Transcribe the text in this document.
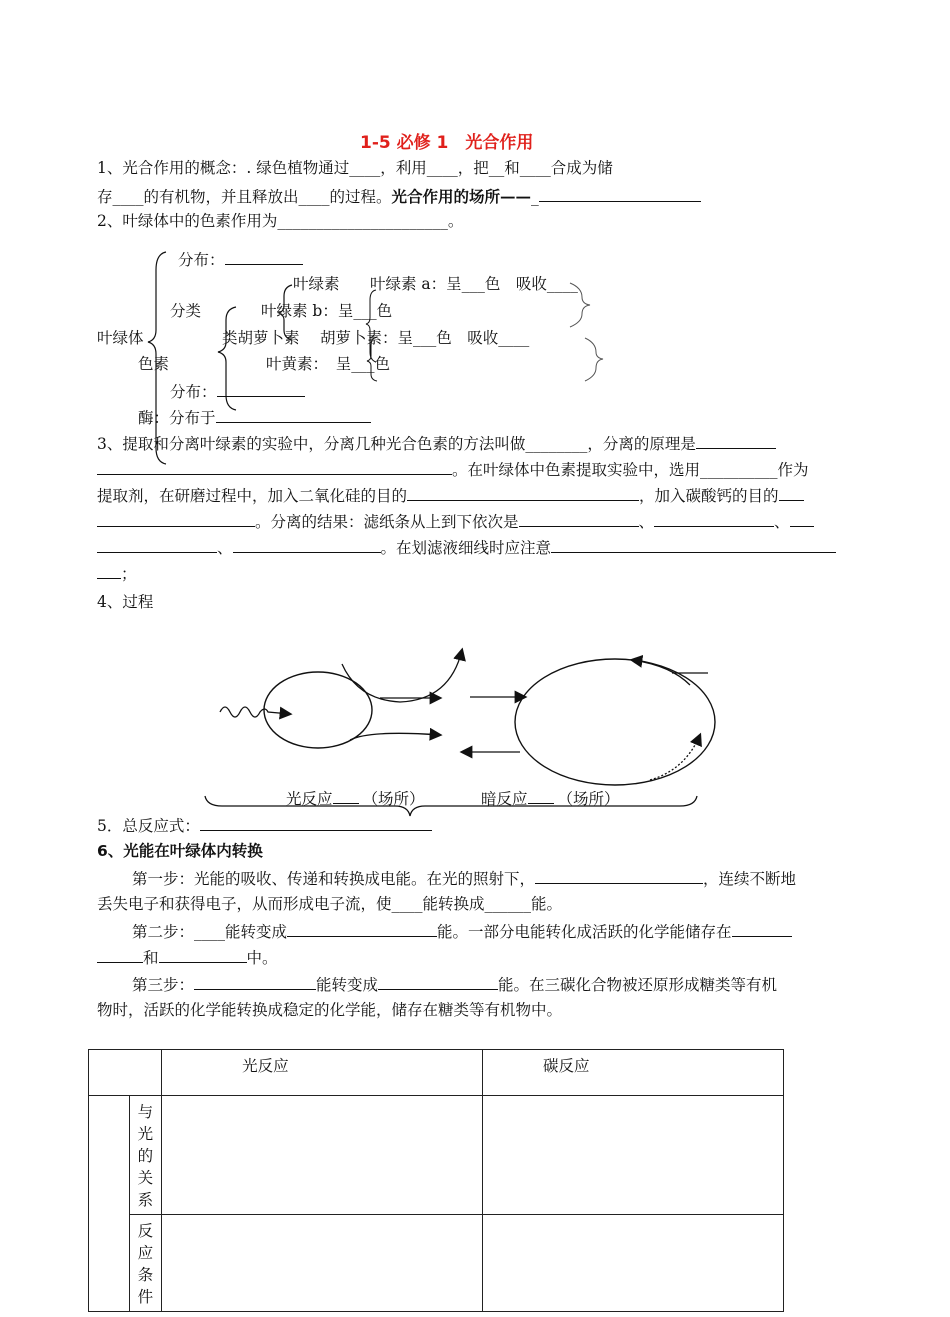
1-5 必修 1　光合作用
1、光合作用的概念：. 绿色植物通过____，利用____，把__和____合成为储
存____的有机物，并且释放出____的过程。光合作用的场所——_
2、叶绿体中的色素作用为______________________。
分布：
叶绿素 叶绿素 a：呈___色　吸收____
分类	叶绿素 b：呈___色
叶绿体	类胡萝卜素 胡萝卜素：呈___色　吸收____
色素	叶黄素：　呈___色
分布：
酶：分布于
3、提取和分离叶绿素的实验中，分离几种光合色素的方法叫做________，分离的原理是
。在叶绿体中色素提取实验中，选用__________作为
提取剂，在研磨过程中，加入二氧化硅的目的	，加入碳酸钙的目的
。分离的结果：滤纸条从上到下依次是	、	、
、	。在划滤液细线时应注意
；
4、过程
光反应 （场所）	暗反应 （场所）
5．总反应式：
6、光能在叶绿体内转换
第一步：光能的吸收、传递和转换成电能。在光的照射下，	，连续不断地
丢失电子和获得电子，从而形成电子流，使____能转换成______能。
第二步：____能转变成	能。一部分电能转化成活跃的化学能储存在
和	中。
第三步：	能转变成	能。在三碳化合物被还原形成糖类等有机
物时，活跃的化学能转换成稳定的化学能，储存在糖类等有机物中。
		光反应	碳反应
	与光的关系		
	反应条件		
